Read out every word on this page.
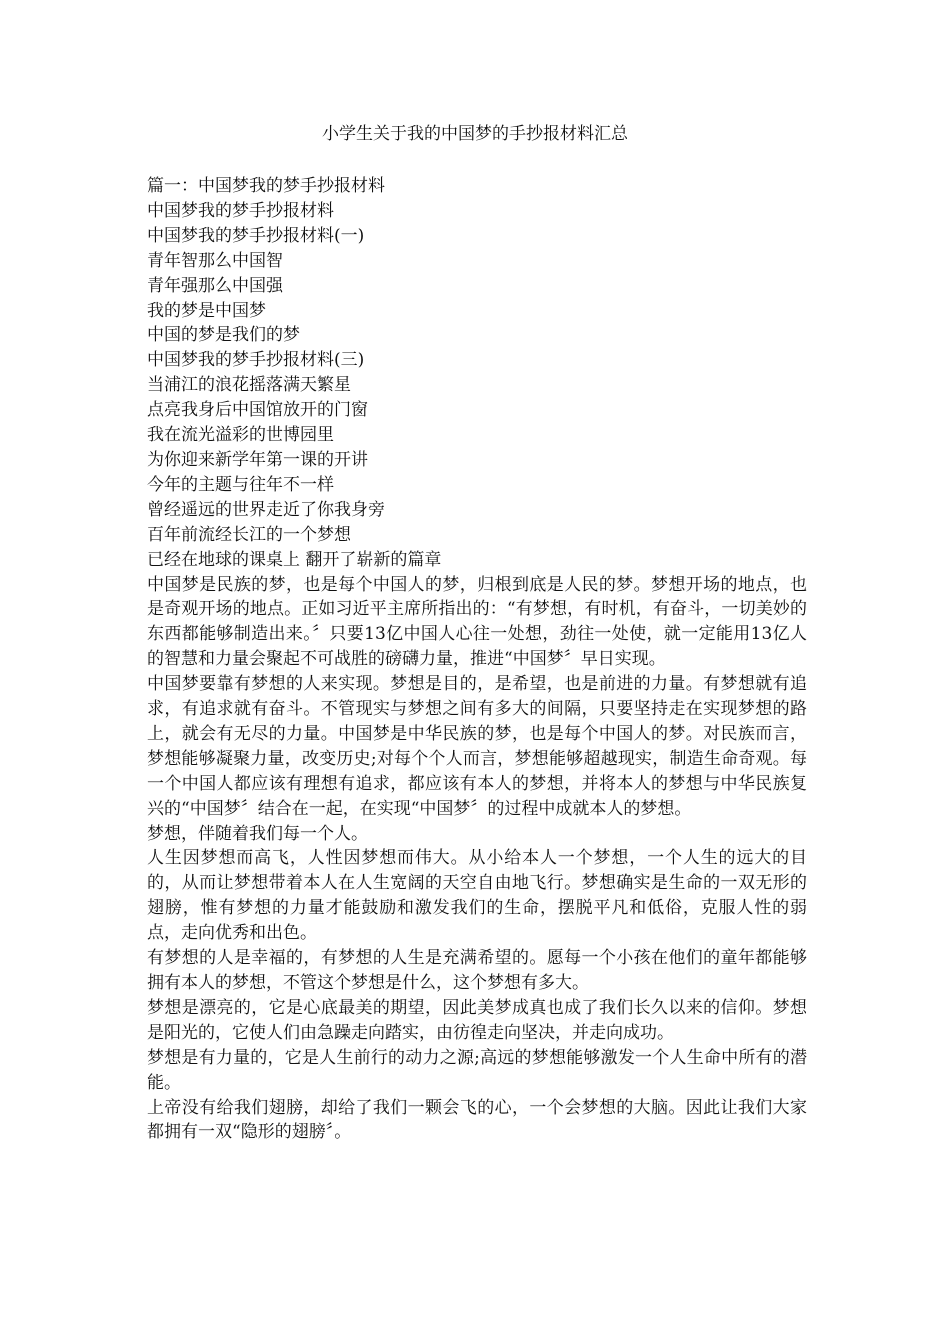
小学生关于我的中国梦的手抄报材料汇总
篇一：中国梦我的梦手抄报材料
中国梦我的梦手抄报材料
中国梦我的梦手抄报材料(一)
青年智那么中国智
青年强那么中国强
我的梦是中国梦
中国的梦是我们的梦
中国梦我的梦手抄报材料(三)
当浦江的浪花摇落满天繁星
点亮我身后中国馆放开的门窗
我在流光溢彩的世博园里
为你迎来新学年第一课的开讲
今年的主题与往年不一样
曾经遥远的世界走近了你我身旁
百年前流经长江的一个梦想
已经在地球的课桌上 翻开了崭新的篇章
中国梦是民族的梦，也是每个中国人的梦，归根到底是人民的梦。梦想开场的地点，也是奇观开场的地点。正如习近平主席所指出的：“有梦想，有时机，有奋斗，一切美妙的东西都能够制造出来。〞只要13亿中国人心往一处想，劲往一处使，就一定能用13亿人的智慧和力量会聚起不可战胜的磅礴力量，推进“中国梦〞早日实现。
中国梦要靠有梦想的人来实现。梦想是目的，是希望，也是前进的力量。有梦想就有追求，有追求就有奋斗。不管现实与梦想之间有多大的间隔，只要坚持走在实现梦想的路上，就会有无尽的力量。中国梦是中华民族的梦，也是每个中国人的梦。对民族而言，梦想能够凝聚力量，改变历史;对每个个人而言，梦想能够超越现实，制造生命奇观。每一个中国人都应该有理想有追求，都应该有本人的梦想，并将本人的梦想与中华民族复兴的“中国梦〞结合在一起，在实现“中国梦〞的过程中成就本人的梦想。
梦想，伴随着我们每一个人。
人生因梦想而高飞，人性因梦想而伟大。从小给本人一个梦想，一个人生的远大的目的，从而让梦想带着本人在人生宽阔的天空自由地飞行。梦想确实是生命的一双无形的翅膀，惟有梦想的力量才能鼓励和激发我们的生命，摆脱平凡和低俗，克服人性的弱点，走向优秀和出色。
有梦想的人是幸福的，有梦想的人生是充满希望的。愿每一个小孩在他们的童年都能够拥有本人的梦想，不管这个梦想是什么，这个梦想有多大。
梦想是漂亮的，它是心底最美的期望，因此美梦成真也成了我们长久以来的信仰。梦想是阳光的，它使人们由急躁走向踏实，由彷徨走向坚决，并走向成功。
梦想是有力量的，它是人生前行的动力之源;高远的梦想能够激发一个人生命中所有的潜能。
上帝没有给我们翅膀，却给了我们一颗会飞的心，一个会梦想的大脑。因此让我们大家都拥有一双“隐形的翅膀〞。
